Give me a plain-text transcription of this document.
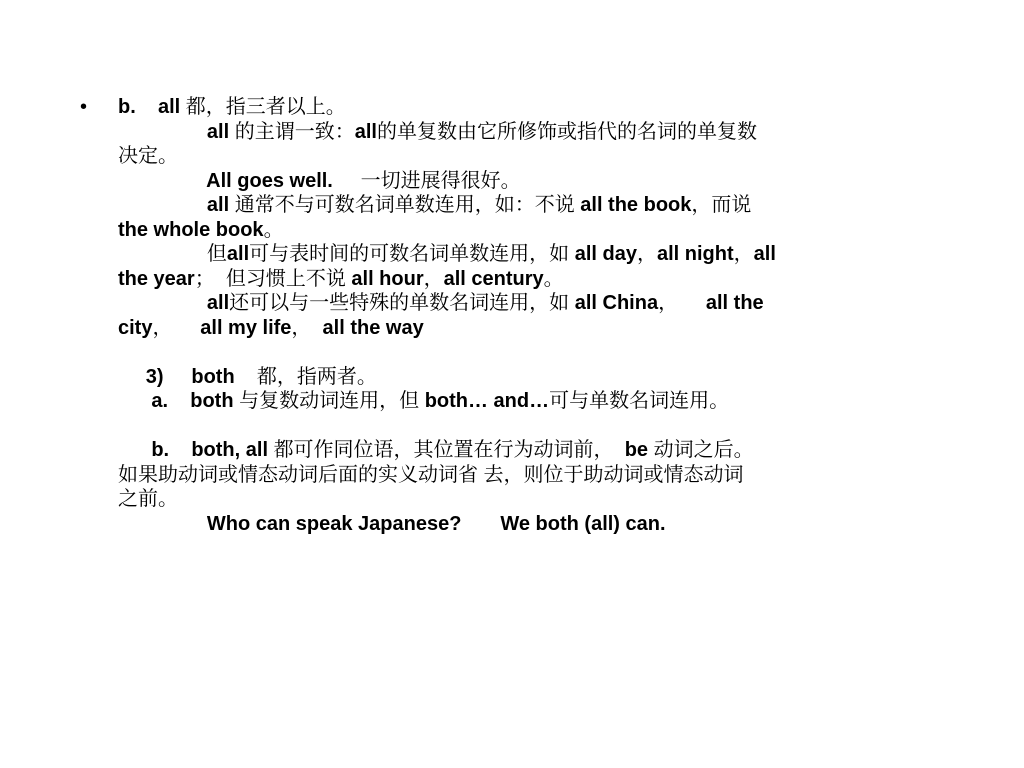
• b.    all 都，指三者以上。
all 的主谓一致：all的单复数由它所修饰或指代的名词的单复数
决定。
All goes well.     一切进展得很好。
all 通常不与可数名词单数连用，如：不说 all the book，而说
the whole book。
但all可与表时间的可数名词单数连用，如 all day，all night，all
the year；  但习惯上不说 all hour，all century。
all还可以与一些特殊的单数名词连用，如 all China，     all the
city，     all my life，  all the way

3)     both    都，指两者。
a.    both 与复数动词连用，但 both… and…可与单数名词连用。

b.    both, all 都可作同位语，其位置在行为动词前，  be 动词之后。
如果助动词或情态动词后面的实义动词省 去，则位于助动词或情态动词
之前。
Who can speak Japanese?       We both (all) can.
